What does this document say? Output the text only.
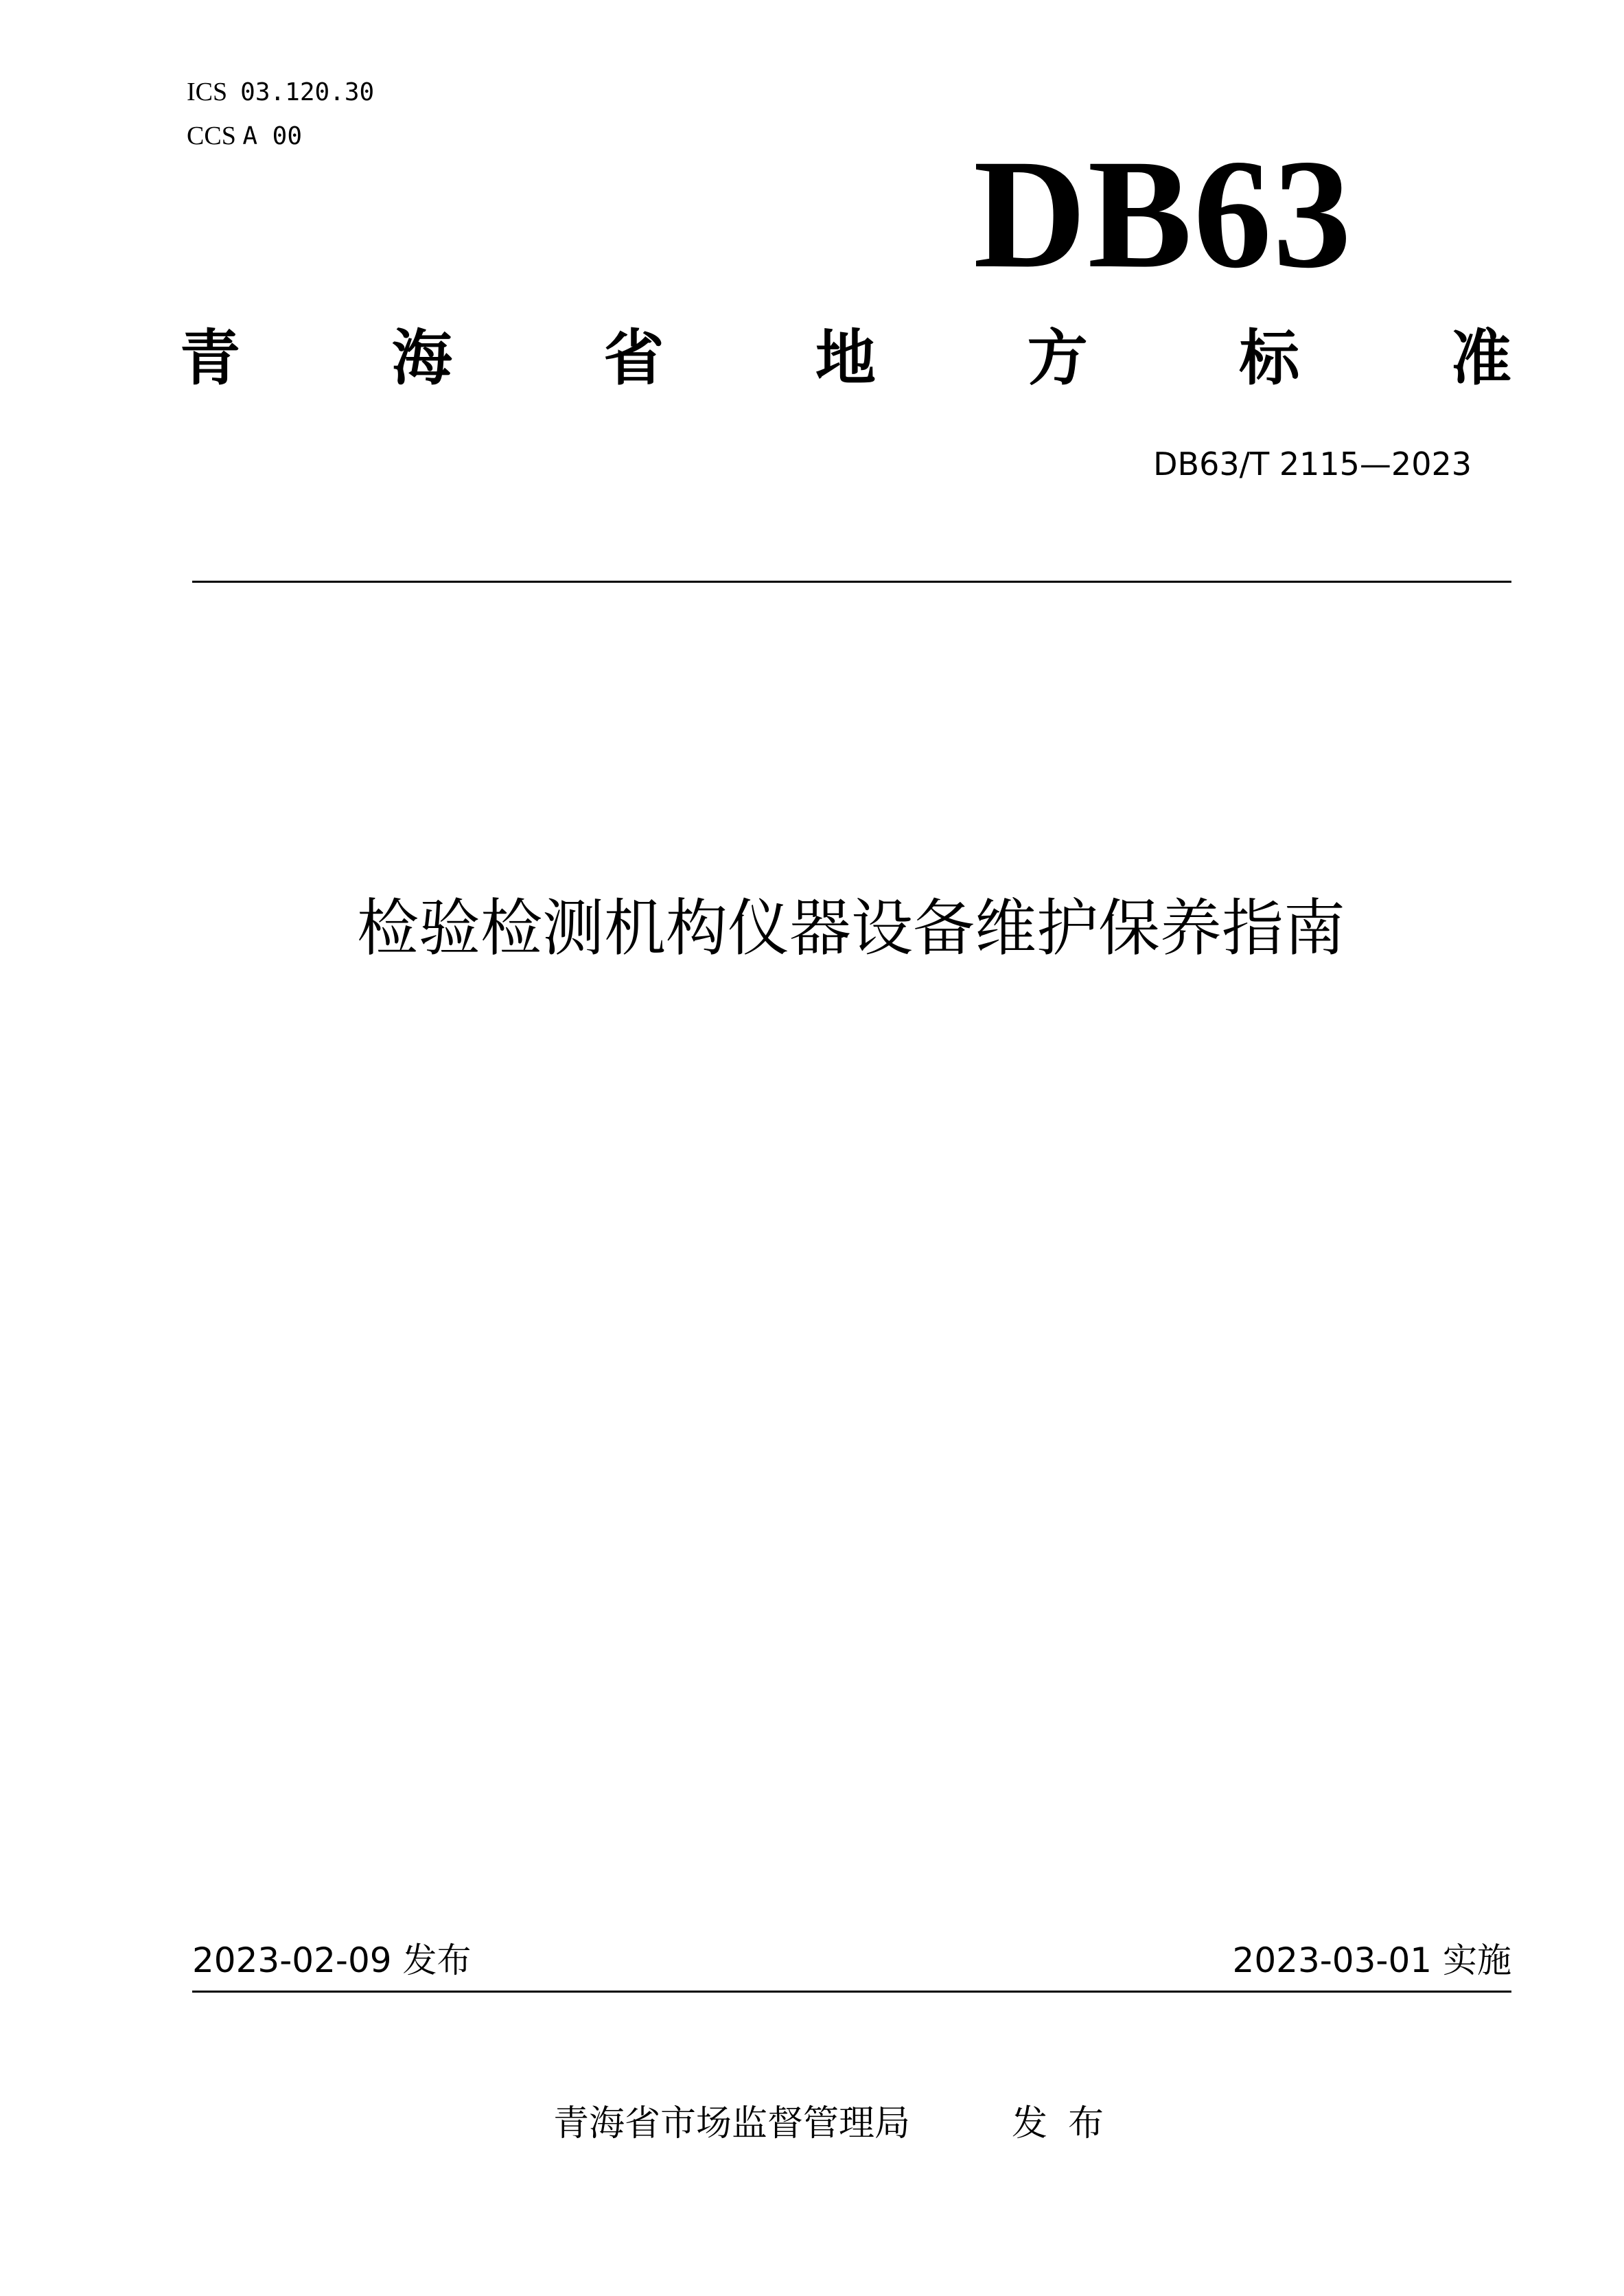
ICS 03.120.30
CCS A 00	DB63
青	海	省	地	方	标	准
DB63/T 2115—2023
检验检测机构仪器设备维护保养指南
2023-02-09 发布	2023-03-01 实施
青海省市场监督管理局	发布
